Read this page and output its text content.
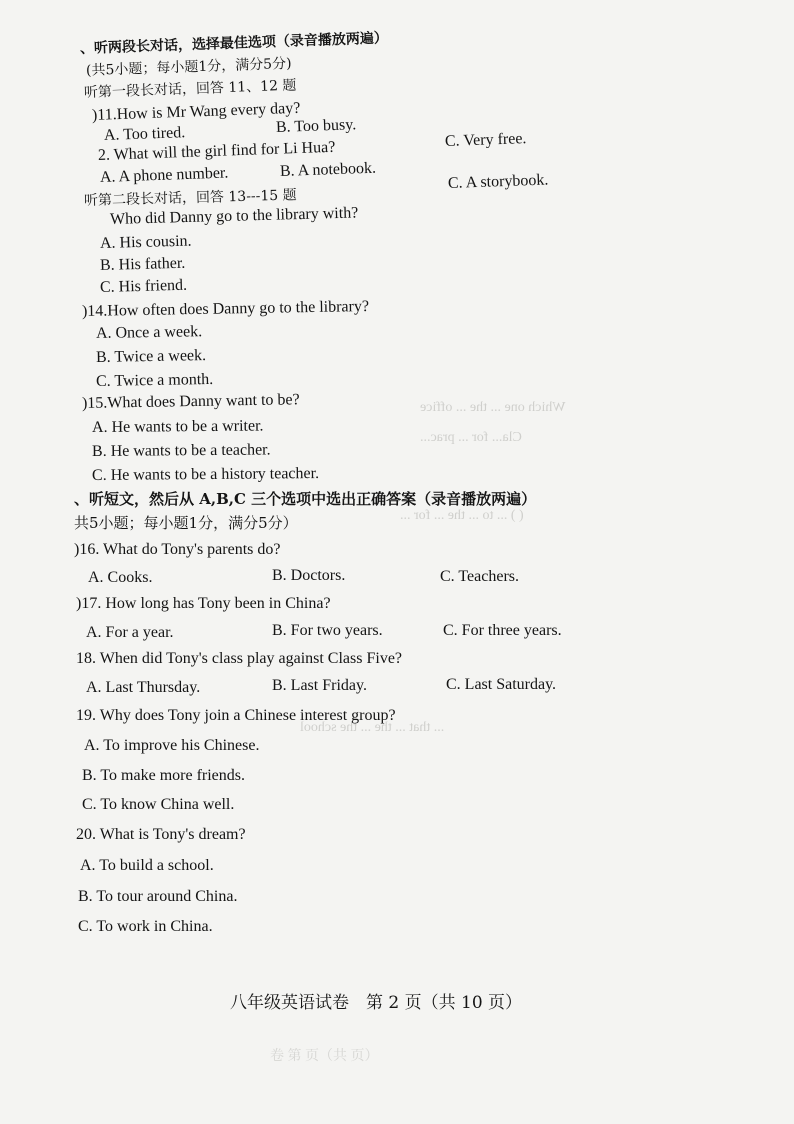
Which one ... the ... office
Cla... for ... prac...
( ) ... to ... the ... for ...
... that ... the ... the school
卷 第 页（共 页）
、听两段长对话，选择最佳选项（录音播放两遍）
(共5小题；每小题1分，满分5分)
听第一段长对话，回答 11、12 题
)11.How is Mr Wang every day?
A. Too tired.	B. Too busy.
C. Very free.
2. What will the girl find for Li Hua?
A. A phone number.	B. A notebook.
C. A storybook.
听第二段长对话，回答 13---15 题
Who did Danny go to the library with?
A. His cousin.
B. His father.
C. His friend.
)14.How often does Danny go to the library?
A. Once a week.
B. Twice a week.
C. Twice a month.
)15.What does Danny want to be?
A. He wants to be a writer.
B. He wants to be a teacher.
C. He wants to be a history teacher.
、听短文，然后从 A,B,C 三个选项中选出正确答案（录音播放两遍）
共5小题；每小题1分，满分5分）
)16. What do Tony's parents do?
A. Cooks.	B. Doctors.	C. Teachers.
)17. How long has Tony been in China?
A. For a year.	B. For two years.	C. For three years.
18. When did Tony's class play against Class Five?
A. Last Thursday.	B. Last Friday.	C. Last Saturday.
19. Why does Tony join a Chinese interest group?
A. To improve his Chinese.
B. To make more friends.
C. To know China well.
20. What is Tony's dream?
A. To build a school.
B. To tour around China.
C. To work in China.
八年级英语试卷　第 2 页（共 10 页）
